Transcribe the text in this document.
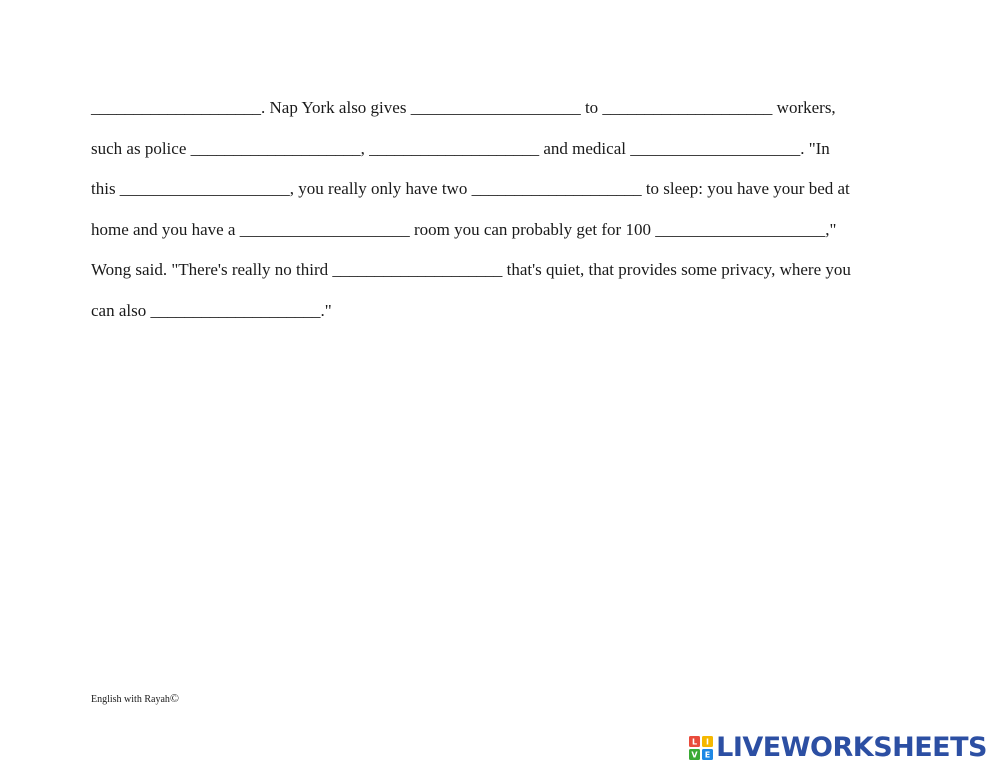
____________________. Nap York also gives ____________________ to ____________________ workers,

such as police ____________________, ____________________ and medical ____________________. "In

this ____________________, you really only have two ____________________ to sleep: you have your bed at

home and you have a ____________________ room you can probably get for 100 ____________________,"

Wong said. "There's really no third ____________________ that's quiet, that provides some privacy, where you

can also ____________________."

English with Rayah©
L I
V E LIVEWORKSHEETS
